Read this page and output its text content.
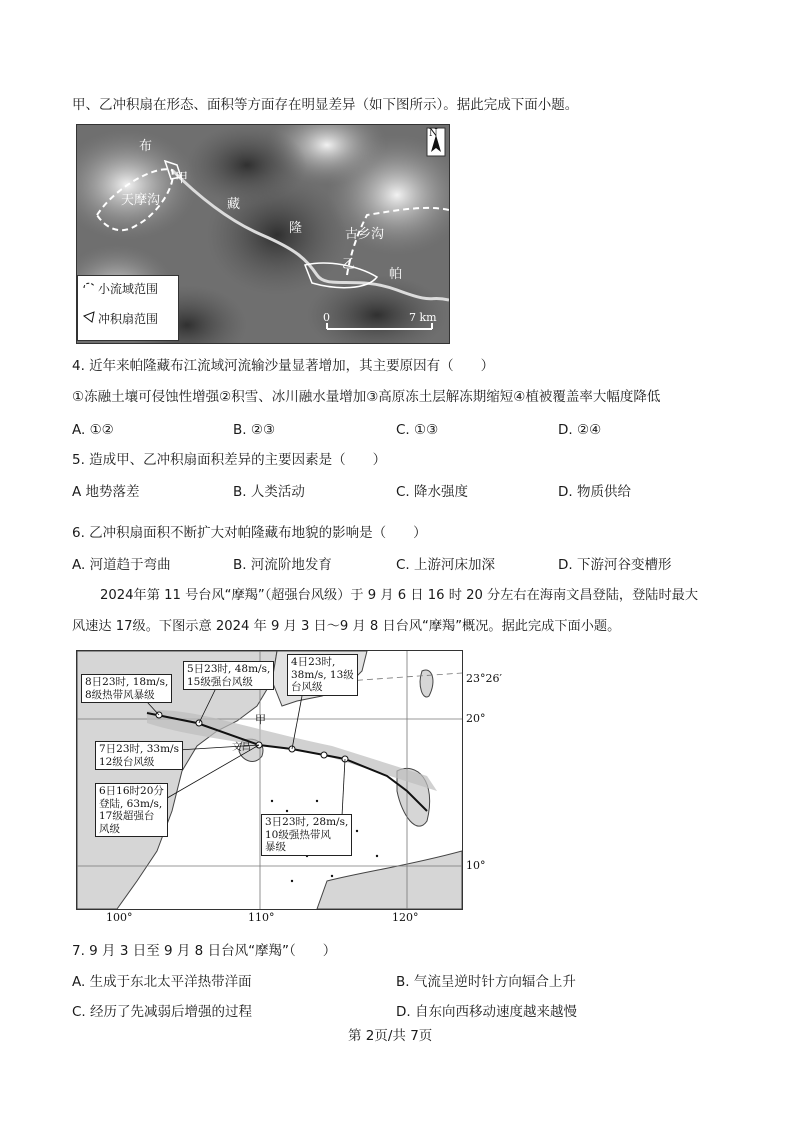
甲、乙冲积扇在形态、面积等方面存在明显差异（如下图所示）。据此完成下面小题。
布
甲
天摩沟	藏
隆	古乡沟
乙
帕
N
0	7 km
小流域范围
冲积扇范围
4. 近年来帕隆藏布江流域河流输沙量显著增加，其主要原因有（　　）
①冻融土壤可侵蚀性增强②积雪、冰川融水量增加③高原冻土层解冻期缩短④植被覆盖率大幅度降低
A. ①②	B. ②③	C. ①③	D. ②④
5. 造成甲、乙冲积扇面积差异的主要因素是（　　）
A 地势落差	B. 人类活动	C. 降水强度	D. 物质供给
6. 乙冲积扇面积不断扩大对帕隆藏布地貌的影响是（　　）
A. 河道趋于弯曲	B. 河流阶地发育	C. 上游河床加深	D. 下游河谷变槽形
2024年第 11 号台风“摩羯”（超强台风级）于 9 月 6 日 16 时 20 分左右在海南文昌登陆，登陆时最大
风速达 17级。下图示意 2024 年 9 月 3 日～9 月 8 日台风“摩羯”概况。据此完成下面小题。
8日23时, 18m/s,
8级热带风暴级
5日23时, 48m/s,
15级强台风级
4日23时,
38m/s, 13级
台风级
7日23时, 33m/s
12级台风级
6日16时20分
登陆, 63m/s,
17级超强台
风级
3日23时, 28m/s,
10级强热带风
暴级
甲
文昌
23°26′
20°
10°
100°	110°	120°
7. 9 月 3 日至 9 月 8 日台风“摩羯”（　　）
A. 生成于东北太平洋热带洋面	B. 气流呈逆时针方向辐合上升
C. 经历了先减弱后增强的过程	D. 自东向西移动速度越来越慢
第 2页/共 7页
